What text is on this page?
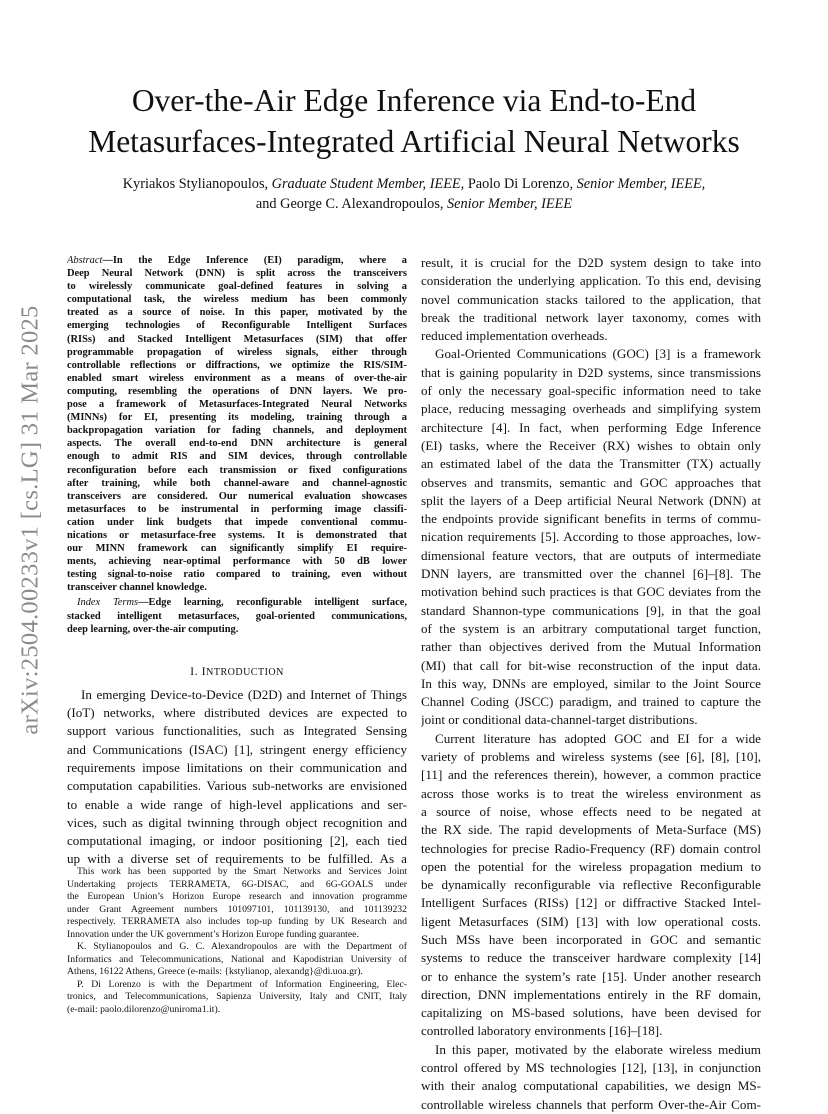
arXiv:2504.00233v1 [cs.LG] 31 Mar 2025
Over-the-Air Edge Inference via End-to-End
Metasurfaces-Integrated Artificial Neural Networks
Kyriakos Stylianopoulos, Graduate Student Member, IEEE, Paolo Di Lorenzo, Senior Member, IEEE,
and George C. Alexandropoulos, Senior Member, IEEE
Abstract—In the Edge Inference (EI) paradigm, where a
Deep Neural Network (DNN) is split across the transceivers
to wirelessly communicate goal-defined features in solving a
computational task, the wireless medium has been commonly
treated as a source of noise. In this paper, motivated by the
emerging technologies of Reconfigurable Intelligent Surfaces
(RISs) and Stacked Intelligent Metasurfaces (SIM) that offer
programmable propagation of wireless signals, either through
controllable reflections or diffractions, we optimize the RIS/SIM-
enabled smart wireless environment as a means of over-the-air
computing, resembling the operations of DNN layers. We pro-
pose a framework of Metasurfaces-Integrated Neural Networks
(MINNs) for EI, presenting its modeling, training through a
backpropagation variation for fading channels, and deployment
aspects. The overall end-to-end DNN architecture is general
enough to admit RIS and SIM devices, through controllable
reconfiguration before each transmission or fixed configurations
after training, while both channel-aware and channel-agnostic
transceivers are considered. Our numerical evaluation showcases
metasurfaces to be instrumental in performing image classifi-
cation under link budgets that impede conventional commu-
nications or metasurface-free systems. It is demonstrated that
our MINN framework can significantly simplify EI require-
ments, achieving near-optimal performance with 50 dB lower
testing signal-to-noise ratio compared to training, even without
transceiver channel knowledge.
Index Terms—Edge learning, reconfigurable intelligent surface,
stacked intelligent metasurfaces, goal-oriented communications,
deep learning, over-the-air computing.
I. INTRODUCTION
In emerging Device-to-Device (D2D) and Internet of Things
(IoT) networks, where distributed devices are expected to
support various functionalities, such as Integrated Sensing
and Communications (ISAC) [1], stringent energy efficiency
requirements impose limitations on their communication and
computation capabilities. Various sub-networks are envisioned
to enable a wide range of high-level applications and ser-
vices, such as digital twinning through object recognition and
computational imaging, or indoor positioning [2], each tied
up with a diverse set of requirements to be fulfilled. As a
This work has been supported by the Smart Networks and Services Joint
Undertaking projects TERRAMETA, 6G-DISAC, and 6G-GOALS under
the European Union’s Horizon Europe research and innovation programme
under Grant Agreement numbers 101097101, 101139130, and 101139232
respectively. TERRAMETA also includes top-up funding by UK Research and
Innovation under the UK government’s Horizon Europe funding guarantee.
K. Stylianopoulos and G. C. Alexandropoulos are with the Department of
Informatics and Telecommunications, National and Kapodistrian University of
Athens, 16122 Athens, Greece (e-mails: {kstylianop, alexandg}@di.uoa.gr).
P. Di Lorenzo is with the Department of Information Engineering, Elec-
tronics, and Telecommunications, Sapienza University, Italy and CNIT, Italy
(e-mail: paolo.dilorenzo@uniroma1.it).
result, it is crucial for the D2D system design to take into
consideration the underlying application. To this end, devising
novel communication stacks tailored to the application, that
break the traditional network layer taxonomy, comes with
reduced implementation overheads.
Goal-Oriented Communications (GOC) [3] is a framework
that is gaining popularity in D2D systems, since transmissions
of only the necessary goal-specific information need to take
place, reducing messaging overheads and simplifying system
architecture [4]. In fact, when performing Edge Inference
(EI) tasks, where the Receiver (RX) wishes to obtain only
an estimated label of the data the Transmitter (TX) actually
observes and transmits, semantic and GOC approaches that
split the layers of a Deep artificial Neural Network (DNN) at
the endpoints provide significant benefits in terms of commu-
nication requirements [5]. According to those approaches, low-
dimensional feature vectors, that are outputs of intermediate
DNN layers, are transmitted over the channel [6]–[8]. The
motivation behind such practices is that GOC deviates from the
standard Shannon-type communications [9], in that the goal
of the system is an arbitrary computational target function,
rather than objectives derived from the Mutual Information
(MI) that call for bit-wise reconstruction of the input data.
In this way, DNNs are employed, similar to the Joint Source
Channel Coding (JSCC) paradigm, and trained to capture the
joint or conditional data-channel-target distributions.
Current literature has adopted GOC and EI for a wide
variety of problems and wireless systems (see [6], [8], [10],
[11] and the references therein), however, a common practice
across those works is to treat the wireless environment as
a source of noise, whose effects need to be negated at
the RX side. The rapid developments of Meta-Surface (MS)
technologies for precise Radio-Frequency (RF) domain control
open the potential for the wireless propagation medium to
be dynamically reconfigurable via reflective Reconfigurable
Intelligent Surfaces (RISs) [12] or diffractive Stacked Intel-
ligent Metasurfaces (SIM) [13] with low operational costs.
Such MSs have been incorporated in GOC and semantic
systems to reduce the transceiver hardware complexity [14]
or to enhance the system’s rate [15]. Under another research
direction, DNN implementations entirely in the RF domain,
capitalizing on MS-based solutions, have been devised for
controlled laboratory environments [16]–[18].
In this paper, motivated by the elaborate wireless medium
control offered by MS technologies [12], [13], in conjunction
with their analog computational capabilities, we design MS-
controllable wireless channels that perform Over-the-Air Com-
